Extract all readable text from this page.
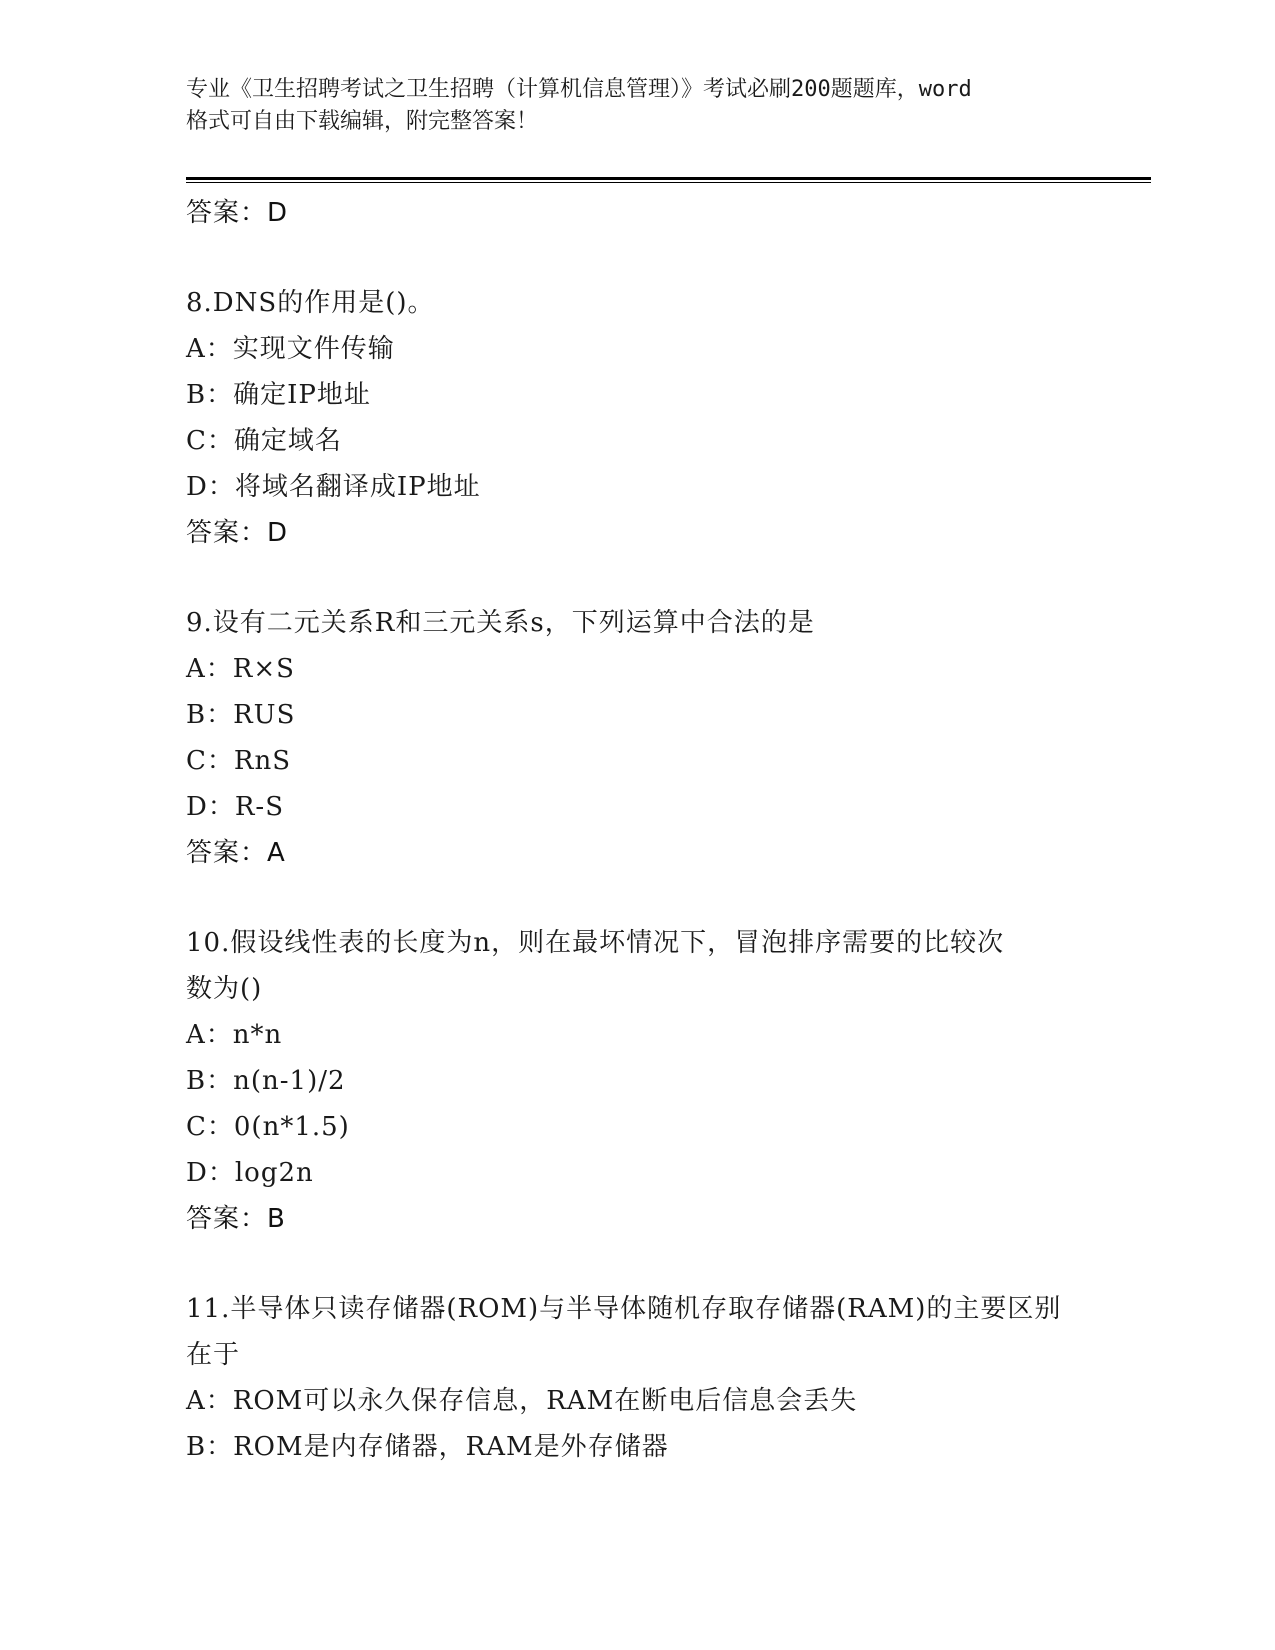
专业《卫生招聘考试之卫生招聘（计算机信息管理）》考试必刷200题题库，word
格式可自由下载编辑，附完整答案！
答案：D
8.DNS的作用是()。
A：实现文件传输
B：确定IP地址
C：确定域名
D：将域名翻译成IP地址
答案：D
9.设有二元关系R和三元关系s，下列运算中合法的是
A：R×S
B：RUS
C：RnS
D：R-S
答案：A
10.假设线性表的长度为n，则在最坏情况下，冒泡排序需要的比较次
数为()
A：n*n
B：n(n-1)/2
C：0(n*1.5)
D：log2n
答案：B
11.半导体只读存储器(ROM)与半导体随机存取存储器(RAM)的主要区别
在于
A：ROM可以永久保存信息，RAM在断电后信息会丢失
B：ROM是内存储器，RAM是外存储器
